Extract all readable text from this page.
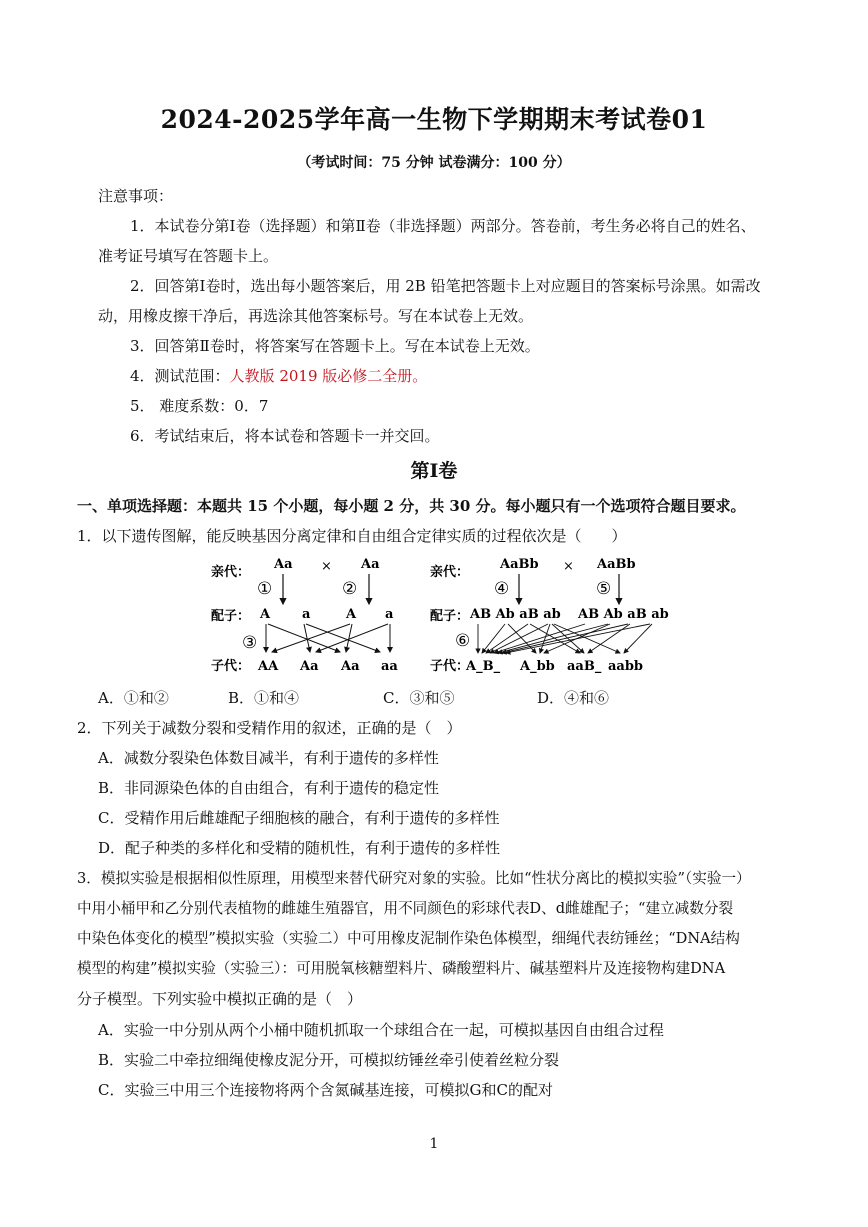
2024-2025学年高一生物下学期期末考试卷01
（考试时间：75 分钟 试卷满分：100 分）
注意事项：
1．本试卷分第Ⅰ卷（选择题）和第Ⅱ卷（非选择题）两部分。答卷前，考生务必将自己的姓名、
准考证号填写在答题卡上。
2．回答第Ⅰ卷时，选出每小题答案后，用 2B 铅笔把答题卡上对应题目的答案标号涂黑。如需改
动，用橡皮擦干净后，再选涂其他答案标号。写在本试卷上无效。
3．回答第Ⅱ卷时，将答案写在答题卡上。写在本试卷上无效。
4．测试范围：人教版 2019 版必修二全册。
5． 难度系数：0．7
6．考试结束后，将本试卷和答题卡一并交回。
第Ⅰ卷
一、单项选择题：本题共 15 个小题，每小题 2 分，共 30 分。每小题只有一个选项符合题目要求。
1．以下遗传图解，能反映基因分离定律和自由组合定律实质的过程依次是（　　）
亲代：
Aa × Aa
①	②
配子： A a	A a
③
子代： AA Aa Aa aa
亲代：
AaBb × AaBb
④	⑤
配子： AB Ab aB ab AB Ab aB ab
⑥
子代：
A_B_ A_bb aaB_ aabb
A．①和②	B．①和④	C．③和⑤	D．④和⑥
2．下列关于减数分裂和受精作用的叙述，正确的是（　）
A．减数分裂染色体数目减半，有利于遗传的多样性
B．非同源染色体的自由组合，有利于遗传的稳定性
C．受精作用后雌雄配子细胞核的融合，有利于遗传的多样性
D．配子种类的多样化和受精的随机性，有利于遗传的多样性
3．模拟实验是根据相似性原理，用模型来替代研究对象的实验。比如“性状分离比的模拟实验”（实验一）
中用小桶甲和乙分别代表植物的雌雄生殖器官，用不同颜色的彩球代表D、d雌雄配子；“建立减数分裂
中染色体变化的模型”模拟实验（实验二）中可用橡皮泥制作染色体模型，细绳代表纺锤丝；“DNA结构
模型的构建”模拟实验（实验三）：可用脱氧核糖塑料片、磷酸塑料片、碱基塑料片及连接物构建DNA
分子模型。下列实验中模拟正确的是（　）
A．实验一中分别从两个小桶中随机抓取一个球组合在一起，可模拟基因自由组合过程
B．实验二中牵拉细绳使橡皮泥分开，可模拟纺锤丝牵引使着丝粒分裂
C．实验三中用三个连接物将两个含氮碱基连接，可模拟G和C的配对
1
